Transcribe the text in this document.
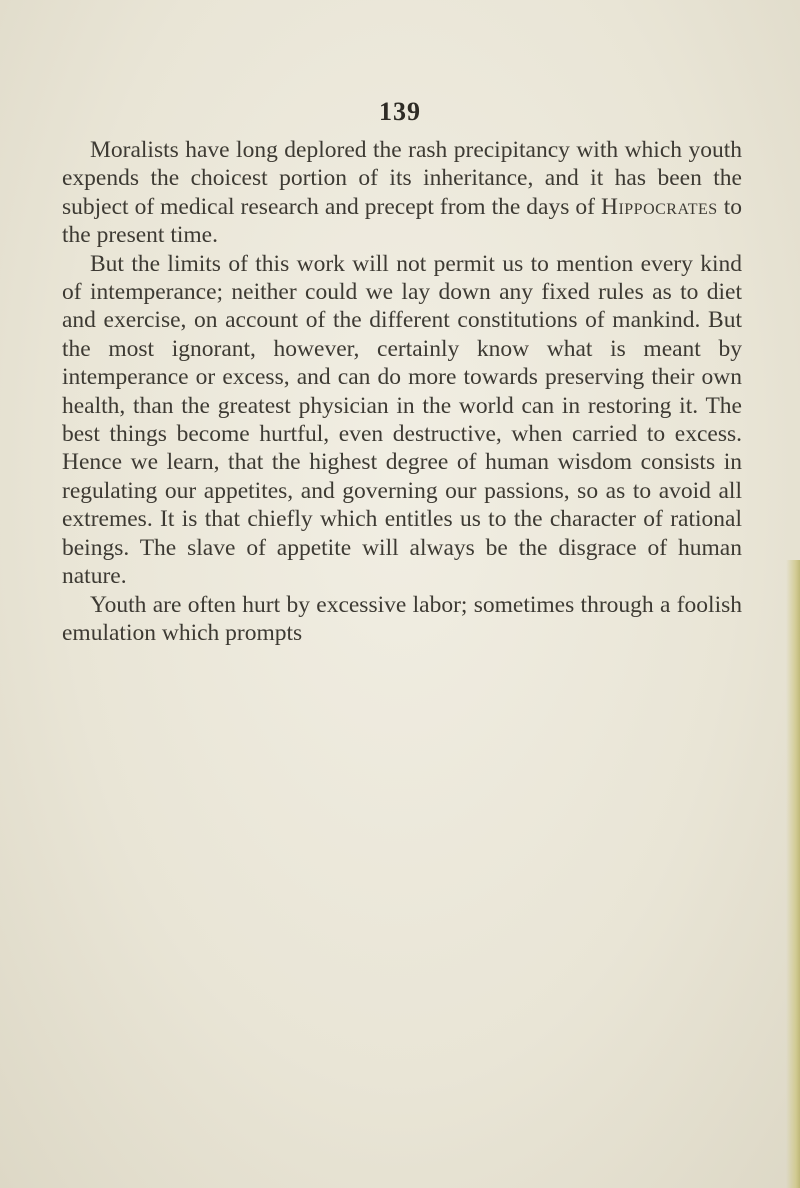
139

Moralists have long deplored the rash precipitancy with which youth expends the choicest portion of its inheritance, and it has been the subject of medical research and precept from the days of Hippocrates to the present time.

But the limits of this work will not permit us to mention every kind of intemperance; neither could we lay down any fixed rules as to diet and exercise, on account of the different constitutions of mankind. But the most ignorant, however, certainly know what is meant by intemperance or excess, and can do more towards preserving their own health, than the greatest physician in the world can in restoring it. The best things become hurtful, even destructive, when carried to excess. Hence we learn, that the highest degree of human wisdom consists in regulating our appetites, and governing our passions, so as to avoid all extremes. It is that chiefly which entitles us to the character of rational beings. The slave of appetite will always be the disgrace of human nature.

Youth are often hurt by excessive labor; sometimes through a foolish emulation which prompts
